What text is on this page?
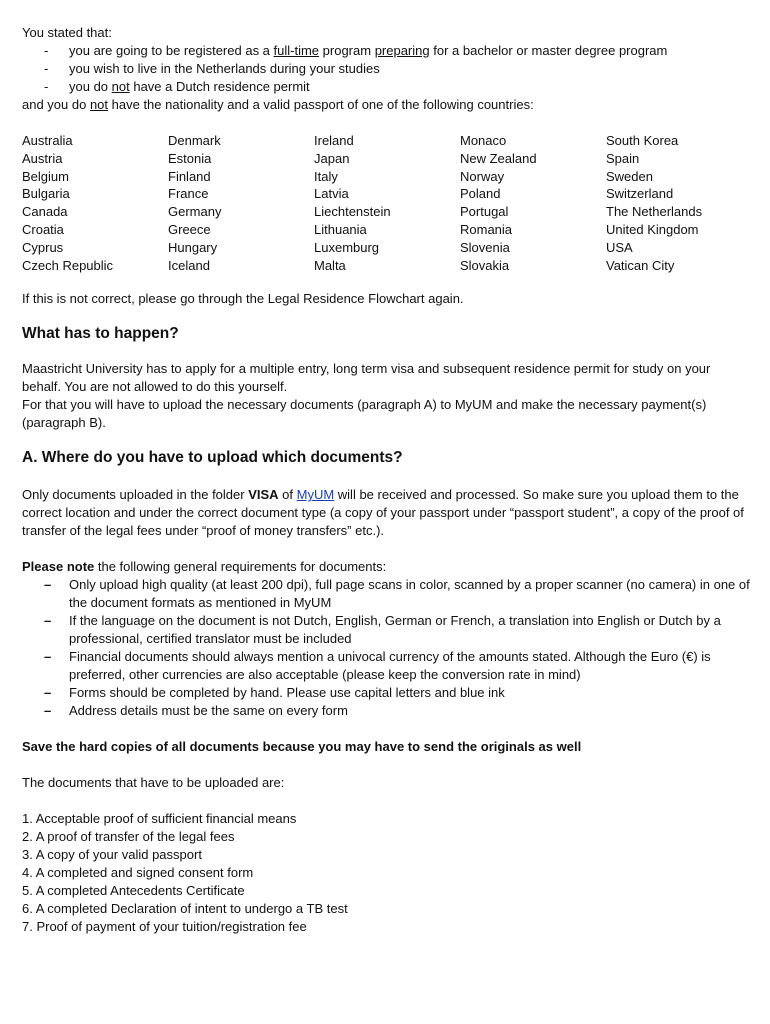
You stated that:

- you are going to be registered as a full-time program preparing for a bachelor or master degree program
- you wish to live in the Netherlands during your studies
- you do not have a Dutch residence permit

and you do not have the nationality and a valid passport of one of the following countries:

Australia
Austria
Belgium
Bulgaria
Canada
Croatia
Cyprus
Czech Republic
Denmark
Estonia
Finland
France
Germany
Greece
Hungary
Iceland
Ireland
Japan
Italy
Latvia
Liechtenstein
Lithuania
Luxemburg
Malta
Monaco
New Zealand
Norway
Poland
Portugal
Romania
Slovenia
Slovakia
South Korea
Spain
Sweden
Switzerland
The Netherlands
United Kingdom
USA
Vatican City

If this is not correct, please go through the Legal Residence Flowchart again.

What has to happen?

Maastricht University has to apply for a multiple entry, long term visa and subsequent residence permit for study on your behalf. You are not allowed to do this yourself.

For that you will have to upload the necessary documents (paragraph A) to MyUM and make the necessary payment(s) (paragraph B).

A. Where do you have to upload which documents?

Only documents uploaded in the folder VISA of MyUM will be received and processed. So make sure you upload them to the correct location and under the correct document type (a copy of your passport under “passport student”, a copy of the proof of transfer of the legal fees under “proof of money transfers” etc.).

Please note the following general requirements for documents:

– Only upload high quality (at least 200 dpi), full page scans in color, scanned by a proper scanner (no camera) in one of the document formats as mentioned in MyUM
– If the language on the document is not Dutch, English, German or French, a translation into English or Dutch by a professional, certified translator must be included
– Financial documents should always mention a univocal currency of the amounts stated. Although the Euro (€) is preferred, other currencies are also acceptable (please keep the conversion rate in mind)
– Forms should be completed by hand. Please use capital letters and blue ink
– Address details must be the same on every form

Save the hard copies of all documents because you may have to send the originals as well

The documents that have to be uploaded are:

1. Acceptable proof of sufficient financial means
2. A proof of transfer of the legal fees
3. A copy of your valid passport
4. A completed and signed consent form
5. A completed Antecedents Certificate
6. A completed Declaration of intent to undergo a TB test
7. Proof of payment of your tuition/registration fee
